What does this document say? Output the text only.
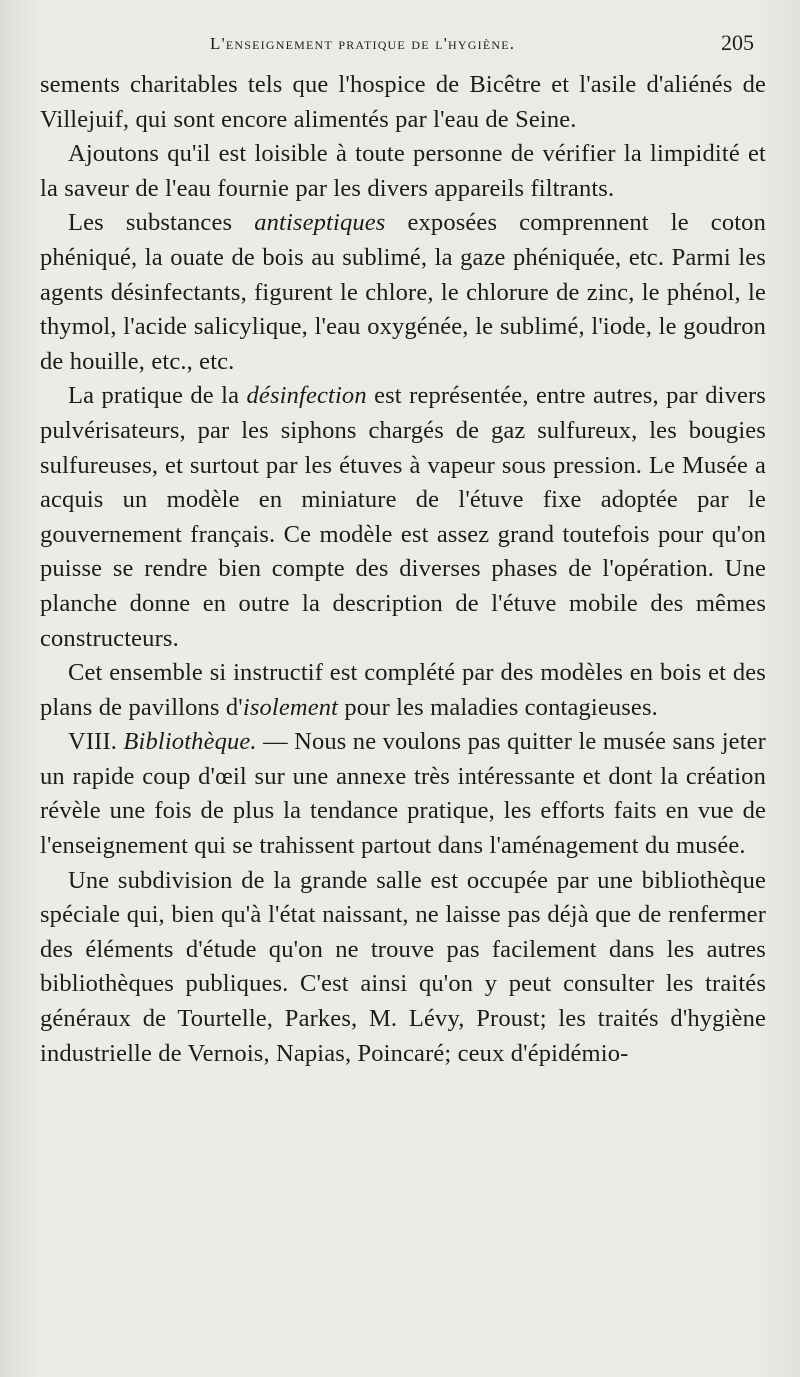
L'enseignement pratique de l'hygiène.	205

sements charitables tels que l'hospice de Bicêtre et l'asile d'aliénés de Villejuif, qui sont encore alimentés par l'eau de Seine.

Ajoutons qu'il est loisible à toute personne de vérifier la limpidité et la saveur de l'eau fournie par les divers appareils filtrants.

Les substances antiseptiques exposées comprennent le coton phéniqué, la ouate de bois au sublimé, la gaze phéniquée, etc. Parmi les agents désinfectants, figurent le chlore, le chlorure de zinc, le phénol, le thymol, l'acide salicylique, l'eau oxygénée, le sublimé, l'iode, le goudron de houille, etc., etc.

La pratique de la désinfection est représentée, entre autres, par divers pulvérisateurs, par les siphons chargés de gaz sulfureux, les bougies sulfureuses, et surtout par les étuves à vapeur sous pression. Le Musée a acquis un modèle en miniature de l'étuve fixe adoptée par le gouvernement français. Ce modèle est assez grand toutefois pour qu'on puisse se rendre bien compte des diverses phases de l'opération. Une planche donne en outre la description de l'étuve mobile des mêmes constructeurs.

Cet ensemble si instructif est complété par des modèles en bois et des plans de pavillons d'isolement pour les maladies contagieuses.

VIII. Bibliothèque. — Nous ne voulons pas quitter le musée sans jeter un rapide coup d'œil sur une annexe très intéressante et dont la création révèle une fois de plus la tendance pratique, les efforts faits en vue de l'enseignement qui se trahissent partout dans l'aménagement du musée.

Une subdivision de la grande salle est occupée par une bibliothèque spéciale qui, bien qu'à l'état naissant, ne laisse pas déjà que de renfermer des éléments d'étude qu'on ne trouve pas facilement dans les autres bibliothèques publiques. C'est ainsi qu'on y peut consulter les traités généraux de Tourtelle, Parkes, M. Lévy, Proust; les traités d'hygiène industrielle de Vernois, Napias, Poincaré; ceux d'épidémio-
